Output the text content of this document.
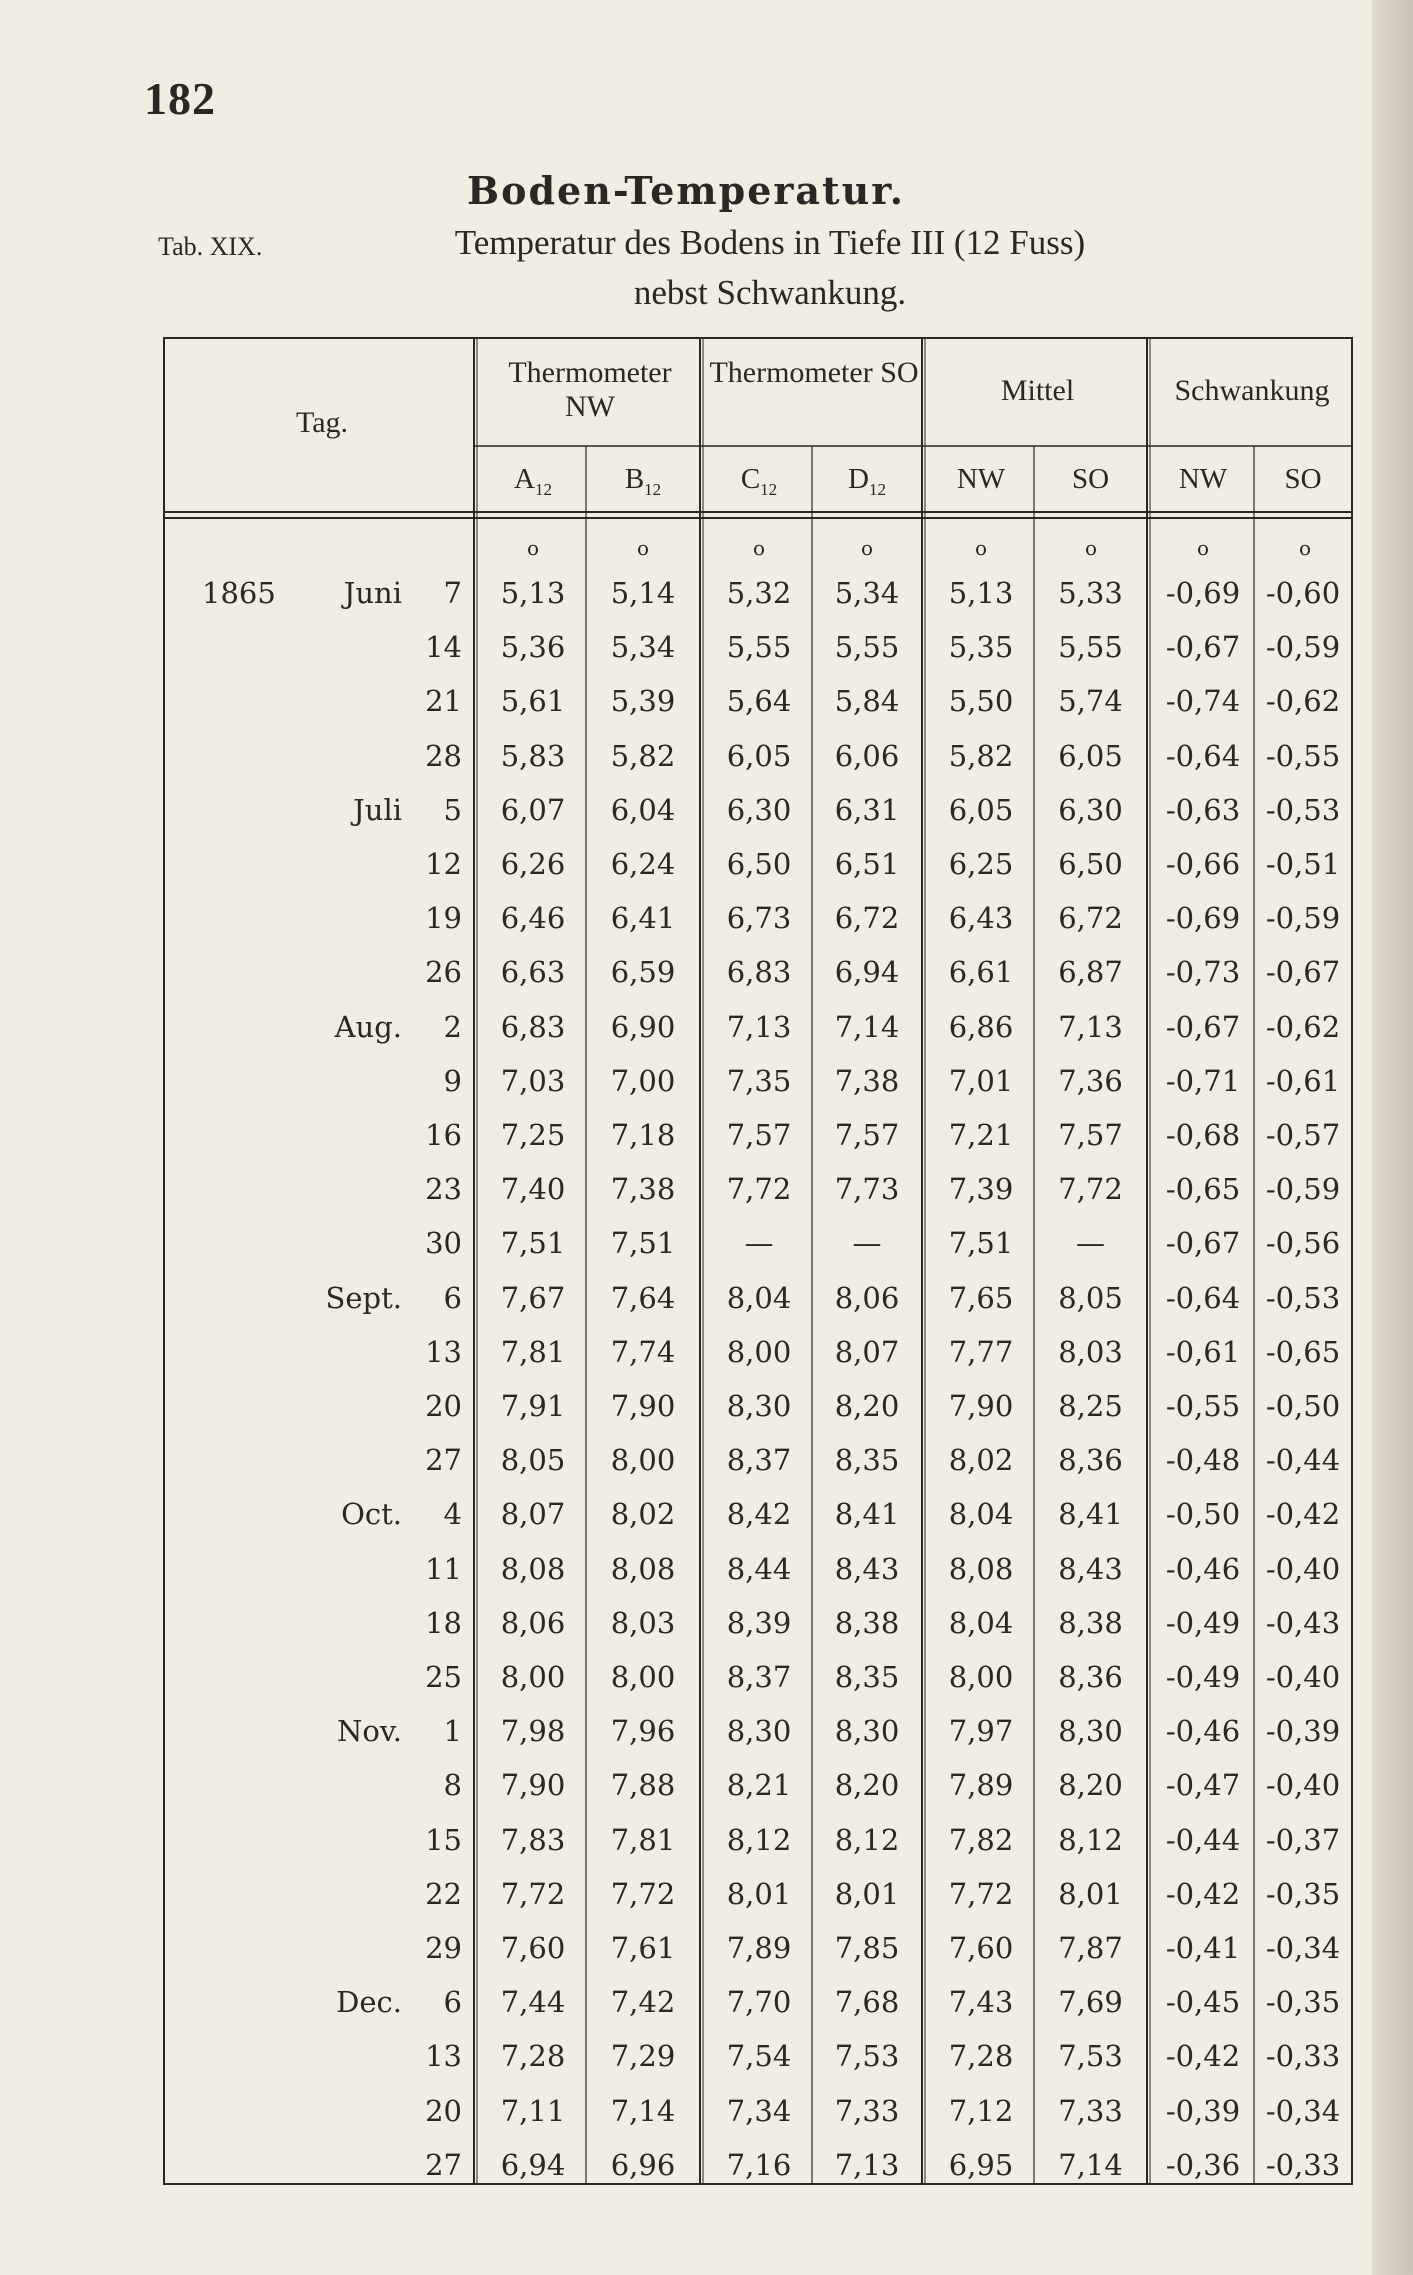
182
Boden-Temperatur.
Tab. XIX.	Temperatur des Bodens in Tiefe III (12 Fuss)
nebst Schwankung.
Tag.
Thermometer NW
Thermometer SO
Mittel	Schwankung
$A_{12}$	$B_{12}$	$C_{12}$	$D_{12}$	NW	SO	NW	SO
o	o	o	o	o	o	o	o
1865	Juni	7	5,13	5,14	5,32	5,34	5,13	5,33	-0,69 -0,60
14	5,36	5,34	5,55	5,55	5,35	5,55	-0,67 -0,59
21	5,61	5,39	5,64	5,84	5,50	5,74	-0,74 -0,62
28	5,83	5,82	6,05	6,06	5,82	6,05	-0,64 -0,55
Juli	5	6,07	6,04	6,30	6,31	6,05	6,30	-0,63 -0,53
12	6,26	6,24	6,50	6,51	6,25	6,50	-0,66 -0,51
19	6,46	6,41	6,73	6,72	6,43	6,72	-0,69 -0,59
26	6,63	6,59	6,83	6,94	6,61	6,87	-0,73 -0,67
Aug.	2	6,83	6,90	7,13	7,14	6,86	7,13	-0,67 -0,62
9	7,03	7,00	7,35	7,38	7,01	7,36	-0,71 -0,61
16	7,25	7,18	7,57	7,57	7,21	7,57	-0,68 -0,57
23	7,40	7,38	7,72	7,73	7,39	7,72	-0,65 -0,59
30	7,51	7,51	—	—	7,51	—	-0,67 -0,56
Sept.	6	7,67	7,64	8,04	8,06	7,65	8,05	-0,64 -0,53
13	7,81	7,74	8,00	8,07	7,77	8,03	-0,61 -0,65
20	7,91	7,90	8,30	8,20	7,90	8,25	-0,55 -0,50
27	8,05	8,00	8,37	8,35	8,02	8,36	-0,48 -0,44
Oct.	4	8,07	8,02	8,42	8,41	8,04	8,41	-0,50 -0,42
11	8,08	8,08	8,44	8,43	8,08	8,43	-0,46 -0,40
18	8,06	8,03	8,39	8,38	8,04	8,38	-0,49 -0,43
25	8,00	8,00	8,37	8,35	8,00	8,36	-0,49 -0,40
Nov.	1	7,98	7,96	8,30	8,30	7,97	8,30	-0,46 -0,39
8	7,90	7,88	8,21	8,20	7,89	8,20	-0,47 -0,40
15	7,83	7,81	8,12	8,12	7,82	8,12	-0,44 -0,37
22	7,72	7,72	8,01	8,01	7,72	8,01	-0,42 -0,35
29	7,60	7,61	7,89	7,85	7,60	7,87	-0,41 -0,34
Dec.	6	7,44	7,42	7,70	7,68	7,43	7,69	-0,45 -0,35
13	7,28	7,29	7,54	7,53	7,28	7,53	-0,42 -0,33
20	7,11	7,14	7,34	7,33	7,12	7,33	-0,39 -0,34
27	6,94	6,96	7,16	7,13	6,95	7,14	-0,36 -0,33
